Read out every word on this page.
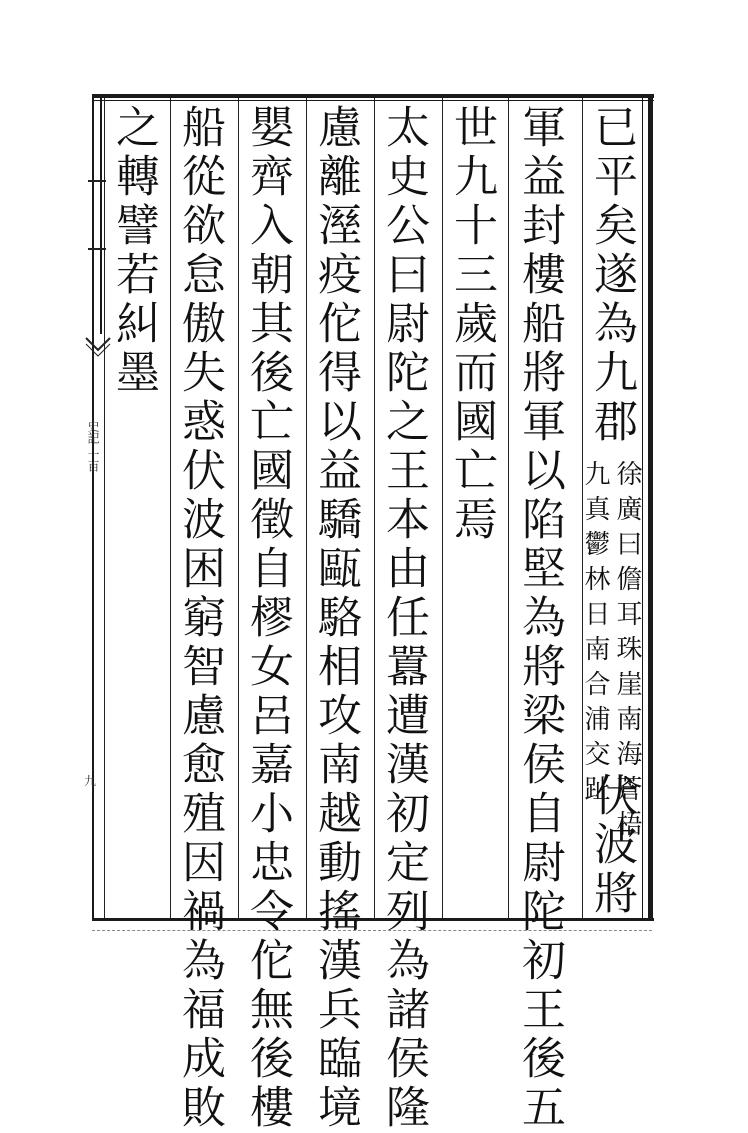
史記 一百
九
已平矣遂為九郡
徐廣曰儋耳珠崖南海蒼梧
九真鬱林日南合浦交趾
伏波將
軍益封樓船將軍以陷堅為將梁侯自尉陀初王後五
世九十三歲而國亡焉
太史公曰尉陀之王本由任囂遭漢初定列為諸侯隆
慮離溼疫佗得以益驕甌駱相攻南越動搖漢兵臨境
嬰齊入朝其後亡國徵自樛女呂嘉小忠令佗無後樓
船從欲怠傲失惑伏波困窮智慮愈殖因禍為福成敗
之轉譬若糾墨
